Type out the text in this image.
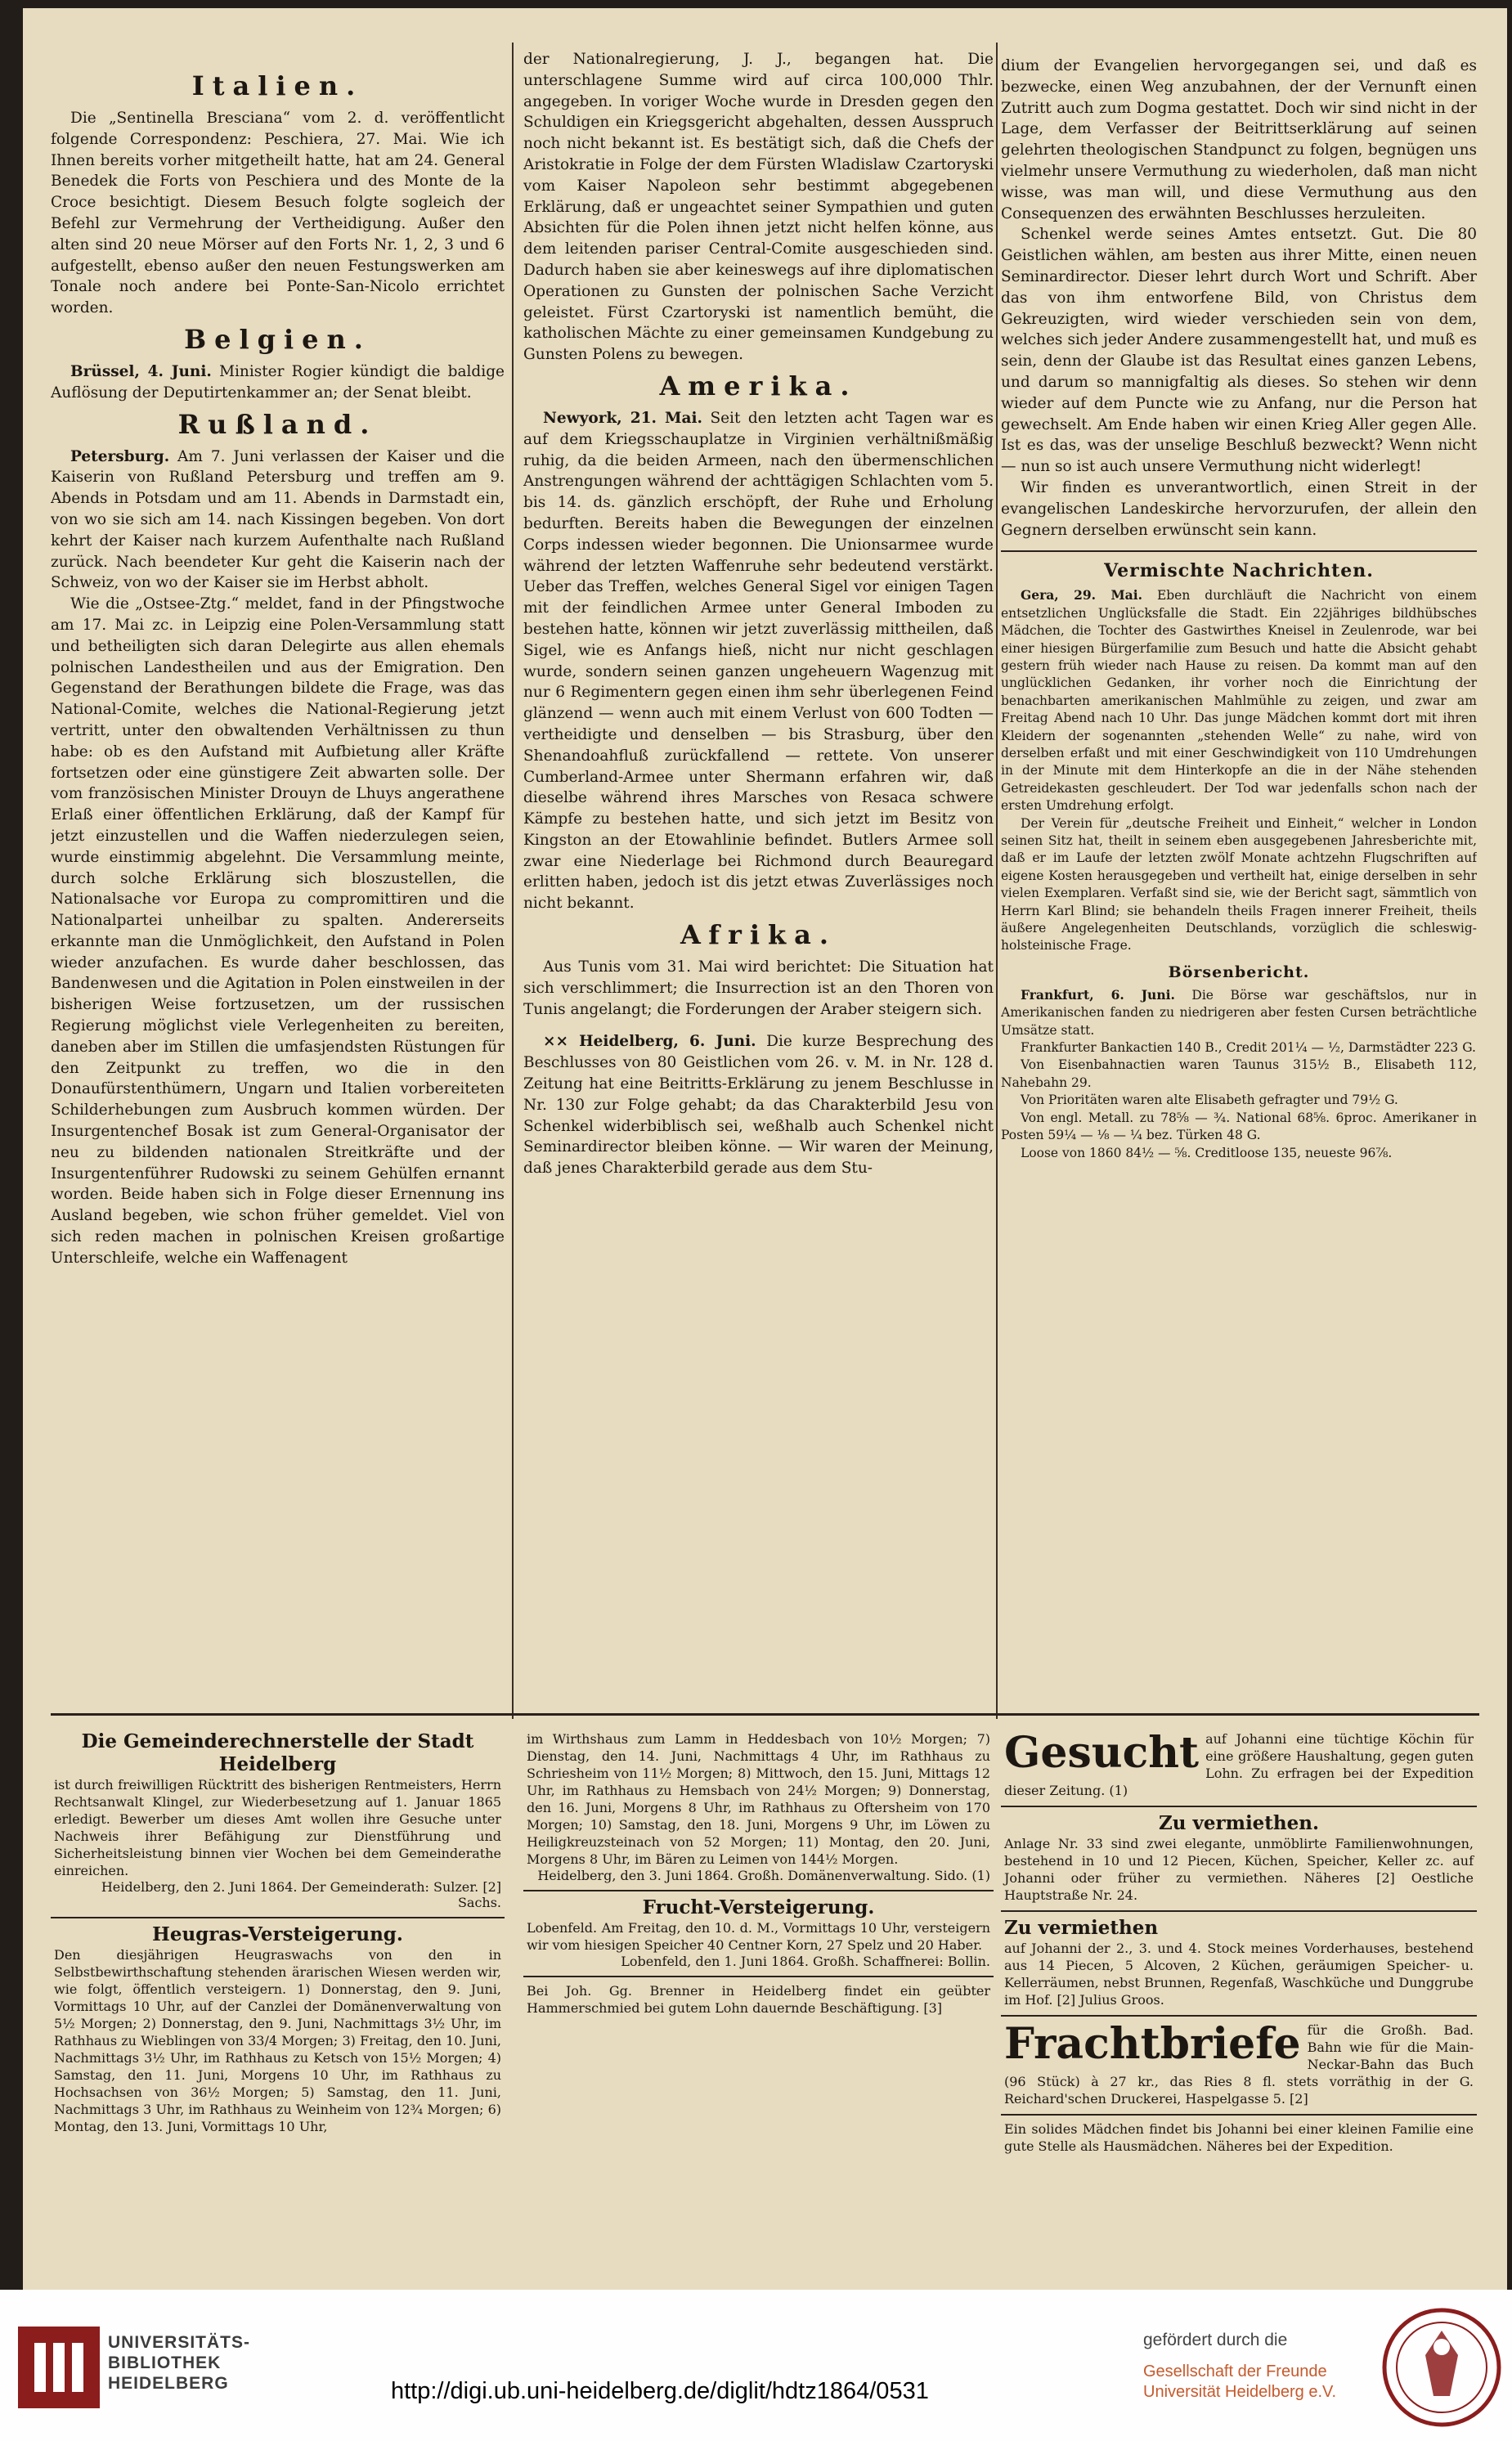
Italien.

Die „Sentinella Bresciana“ vom 2. d. veröffentlicht folgende Correspondenz: Peschiera, 27. Mai. Wie ich Ihnen bereits vorher mitgetheilt hatte, hat am 24. General Benedek die Forts von Peschiera und des Monte de la Croce besichtigt. Diesem Besuch folgte sogleich der Befehl zur Vermehrung der Vertheidigung. Außer den alten sind 20 neue Mörser auf den Forts Nr. 1, 2, 3 und 6 aufgestellt, ebenso außer den neuen Festungswerken am Tonale noch andere bei Ponte-San-Nicolo errichtet worden.

Belgien.

Brüssel, 4. Juni. Minister Rogier kündigt die baldige Auflösung der Deputirtenkammer an; der Senat bleibt.

Rußland.

Petersburg. Am 7. Juni verlassen der Kaiser und die Kaiserin von Rußland Petersburg und treffen am 9. Abends in Potsdam und am 11. Abends in Darmstadt ein, von wo sie sich am 14. nach Kissingen begeben. Von dort kehrt der Kaiser nach kurzem Aufenthalte nach Rußland zurück. Nach beendeter Kur geht die Kaiserin nach der Schweiz, von wo der Kaiser sie im Herbst abholt.

Wie die „Ostsee-Ztg.“ meldet, fand in der Pfingstwoche am 17. Mai zc. in Leipzig eine Polen-Versammlung statt und betheiligten sich daran Delegirte aus allen ehemals polnischen Landestheilen und aus der Emigration. Den Gegenstand der Berathungen bildete die Frage, was das National-Comite, welches die National-Regierung jetzt vertritt, unter den obwaltenden Verhältnissen zu thun habe: ob es den Aufstand mit Aufbietung aller Kräfte fortsetzen oder eine günstigere Zeit abwarten solle. Der vom französischen Minister Drouyn de Lhuys angerathene Erlaß einer öffentlichen Erklärung, daß der Kampf für jetzt einzustellen und die Waffen niederzulegen seien, wurde einstimmig abgelehnt. Die Versammlung meinte, durch solche Erklärung sich bloszustellen, die Nationalsache vor Europa zu compromittiren und die Nationalpartei unheilbar zu spalten. Andererseits erkannte man die Unmöglichkeit, den Aufstand in Polen wieder anzufachen. Es wurde daher beschlossen, das Bandenwesen und die Agitation in Polen einstweilen in der bisherigen Weise fortzusetzen, um der russischen Regierung möglichst viele Verlegenheiten zu bereiten, daneben aber im Stillen die umfasjendsten Rüstungen für den Zeitpunkt zu treffen, wo die in den Donaufürstenthümern, Ungarn und Italien vorbereiteten Schilderhebungen zum Ausbruch kommen würden. Der Insurgentenchef Bosak ist zum General-Organisator der neu zu bildenden nationalen Streitkräfte und der Insurgentenführer Rudowski zu seinem Gehülfen ernannt worden. Beide haben sich in Folge dieser Ernennung ins Ausland begeben, wie schon früher gemeldet. Viel von sich reden machen in polnischen Kreisen großartige Unterschleife, welche ein Waffenagent

der Nationalregierung, J. J., begangen hat. Die unterschlagene Summe wird auf circa 100,000 Thlr. angegeben. In voriger Woche wurde in Dresden gegen den Schuldigen ein Kriegsgericht abgehalten, dessen Ausspruch noch nicht bekannt ist. Es bestätigt sich, daß die Chefs der Aristokratie in Folge der dem Fürsten Wladislaw Czartoryski vom Kaiser Napoleon sehr bestimmt abgegebenen Erklärung, daß er ungeachtet seiner Sympathien und guten Absichten für die Polen ihnen jetzt nicht helfen könne, aus dem leitenden pariser Central-Comite ausgeschieden sind. Dadurch haben sie aber keineswegs auf ihre diplomatischen Operationen zu Gunsten der polnischen Sache Verzicht geleistet. Fürst Czartoryski ist namentlich bemüht, die katholischen Mächte zu einer gemeinsamen Kundgebung zu Gunsten Polens zu bewegen.

Amerika.

Newyork, 21. Mai. Seit den letzten acht Tagen war es auf dem Kriegsschauplatze in Virginien verhältnißmäßig ruhig, da die beiden Armeen, nach den übermenschlichen Anstrengungen während der achttägigen Schlachten vom 5. bis 14. ds. gänzlich erschöpft, der Ruhe und Erholung bedurften. Bereits haben die Bewegungen der einzelnen Corps indessen wieder begonnen. Die Unionsarmee wurde während der letzten Waffenruhe sehr bedeutend verstärkt. Ueber das Treffen, welches General Sigel vor einigen Tagen mit der feindlichen Armee unter General Imboden zu bestehen hatte, können wir jetzt zuverlässig mittheilen, daß Sigel, wie es Anfangs hieß, nicht nur nicht geschlagen wurde, sondern seinen ganzen ungeheuern Wagenzug mit nur 6 Regimentern gegen einen ihm sehr überlegenen Feind glänzend — wenn auch mit einem Verlust von 600 Todten — vertheidigte und denselben — bis Strasburg, über den Shenandoahfluß zurückfallend — rettete. Von unserer Cumberland-Armee unter Shermann erfahren wir, daß dieselbe während ihres Marsches von Resaca schwere Kämpfe zu bestehen hatte, und sich jetzt im Besitz von Kingston an der Etowahlinie befindet. Butlers Armee soll zwar eine Niederlage bei Richmond durch Beauregard erlitten haben, jedoch ist dis jetzt etwas Zuverlässiges noch nicht bekannt.

Afrika.

Aus Tunis vom 31. Mai wird berichtet: Die Situation hat sich verschlimmert; die Insurrection ist an den Thoren von Tunis angelangt; die Forderungen der Araber steigern sich.

×× Heidelberg, 6. Juni. Die kurze Besprechung des Beschlusses von 80 Geistlichen vom 26. v. M. in Nr. 128 d. Zeitung hat eine Beitritts-Erklärung zu jenem Beschlusse in Nr. 130 zur Folge gehabt; da das Charakterbild Jesu von Schenkel widerbiblisch sei, weßhalb auch Schenkel nicht Seminardirector bleiben könne. — Wir waren der Meinung, daß jenes Charakterbild gerade aus dem Stu-

dium der Evangelien hervorgegangen sei, und daß es bezwecke, einen Weg anzubahnen, der der Vernunft einen Zutritt auch zum Dogma gestattet. Doch wir sind nicht in der Lage, dem Verfasser der Beitrittserklärung auf seinen gelehrten theologischen Standpunct zu folgen, begnügen uns vielmehr unsere Vermuthung zu wiederholen, daß man nicht wisse, was man will, und diese Vermuthung aus den Consequenzen des erwähnten Beschlusses herzuleiten.

Schenkel werde seines Amtes entsetzt. Gut. Die 80 Geistlichen wählen, am besten aus ihrer Mitte, einen neuen Seminardirector. Dieser lehrt durch Wort und Schrift. Aber das von ihm entworfene Bild, von Christus dem Gekreuzigten, wird wieder verschieden sein von dem, welches sich jeder Andere zusammengestellt hat, und muß es sein, denn der Glaube ist das Resultat eines ganzen Lebens, und darum so mannigfaltig als dieses. So stehen wir denn wieder auf dem Puncte wie zu Anfang, nur die Person hat gewechselt. Am Ende haben wir einen Krieg Aller gegen Alle. Ist es das, was der unselige Beschluß bezweckt? Wenn nicht — nun so ist auch unsere Vermuthung nicht widerlegt!

Wir finden es unverantwortlich, einen Streit in der evangelischen Landeskirche hervorzurufen, der allein den Gegnern derselben erwünscht sein kann.

Vermischte Nachrichten.

Gera, 29. Mai. Eben durchläuft die Nachricht von einem entsetzlichen Unglücksfalle die Stadt. Ein 22jähriges bildhübsches Mädchen, die Tochter des Gastwirthes Kneisel in Zeulenrode, war bei einer hiesigen Bürgerfamilie zum Besuch und hatte die Absicht gehabt gestern früh wieder nach Hause zu reisen. Da kommt man auf den unglücklichen Gedanken, ihr vorher noch die Einrichtung der benachbarten amerikanischen Mahlmühle zu zeigen, und zwar am Freitag Abend nach 10 Uhr. Das junge Mädchen kommt dort mit ihren Kleidern der sogenannten „stehenden Welle“ zu nahe, wird von derselben erfaßt und mit einer Geschwindigkeit von 110 Umdrehungen in der Minute mit dem Hinterkopfe an die in der Nähe stehenden Getreidekasten geschleudert. Der Tod war jedenfalls schon nach der ersten Umdrehung erfolgt.

Der Verein für „deutsche Freiheit und Einheit,“ welcher in London seinen Sitz hat, theilt in seinem eben ausgegebenen Jahresberichte mit, daß er im Laufe der letzten zwölf Monate achtzehn Flugschriften auf eigene Kosten herausgegeben und vertheilt hat, einige derselben in sehr vielen Exemplaren. Verfaßt sind sie, wie der Bericht sagt, sämmtlich von Herrn Karl Blind; sie behandeln theils Fragen innerer Freiheit, theils äußere Angelegenheiten Deutschlands, vorzüglich die schleswig-holsteinische Frage.

Börsenbericht.

Frankfurt, 6. Juni. Die Börse war geschäftslos, nur in Amerikanischen fanden zu niedrigeren aber festen Cursen beträchtliche Umsätze statt.

Frankfurter Bankactien 140 B., Credit 201¼ — ½, Darmstädter 223 G.

Von Eisenbahnactien waren Taunus 315½ B., Elisabeth 112, Nahebahn 29.

Von Prioritäten waren alte Elisabeth gefragter und 79½ G.

Von engl. Metall. zu 78⅝ — ¾. National 68⅝. 6proc. Amerikaner in Posten 59¼ — ⅛ — ¼ bez. Türken 48 G.

Loose von 1860 84½ — ⅝. Creditloose 135, neueste 96⅞.

Die Gemeinderechnerstelle der Stadt Heidelberg
ist durch freiwilligen Rücktritt des bisherigen Rentmeisters, Herrn Rechtsanwalt Klingel, zur Wiederbesetzung auf 1. Januar 1865 erledigt. Bewerber um dieses Amt wollen ihre Gesuche unter Nachweis ihrer Befähigung zur Dienstführung und Sicherheitsleistung binnen vier Wochen bei dem Gemeinderathe einreichen.
Heidelberg, den 2. Juni 1864. Der Gemeinderath: Sulzer. [2] Sachs.
Heugras-Versteigerung.
Den diesjährigen Heugraswachs von den in Selbstbewirthschaftung stehenden ärarischen Wiesen werden wir, wie folgt, öffentlich versteigern. 1) Donnerstag, den 9. Juni, Vormittags 10 Uhr, auf der Canzlei der Domänenverwaltung von 5½ Morgen; 2) Donnerstag, den 9. Juni, Nachmittags 3½ Uhr, im Rathhaus zu Wieblingen von 33/4 Morgen; 3) Freitag, den 10. Juni, Nachmittags 3½ Uhr, im Rathhaus zu Ketsch von 15½ Morgen; 4) Samstag, den 11. Juni, Morgens 10 Uhr, im Rathhaus zu Hochsachsen von 36½ Morgen; 5) Samstag, den 11. Juni, Nachmittags 3 Uhr, im Rathhaus zu Weinheim von 12¾ Morgen; 6) Montag, den 13. Juni, Vormittags 10 Uhr,
im Wirthshaus zum Lamm in Heddesbach von 10½ Morgen; 7) Dienstag, den 14. Juni, Nachmittags 4 Uhr, im Rathhaus zu Schriesheim von 11½ Morgen; 8) Mittwoch, den 15. Juni, Mittags 12 Uhr, im Rathhaus zu Hemsbach von 24½ Morgen; 9) Donnerstag, den 16. Juni, Morgens 8 Uhr, im Rathhaus zu Oftersheim von 170 Morgen; 10) Samstag, den 18. Juni, Morgens 9 Uhr, im Löwen zu Heiligkreuzsteinach von 52 Morgen; 11) Montag, den 20. Juni, Morgens 8 Uhr, im Bären zu Leimen von 144½ Morgen.
Heidelberg, den 3. Juni 1864. Großh. Domänenverwaltung. Sido. (1)
Frucht-Versteigerung.
Lobenfeld. Am Freitag, den 10. d. M., Vormittags 10 Uhr, versteigern wir vom hiesigen Speicher 40 Centner Korn, 27 Spelz und 20 Haber.
Lobenfeld, den 1. Juni 1864. Großh. Schaffnerei: Bollin.
Bei Joh. Gg. Brenner in Heidelberg findet ein geübter Hammerschmied bei gutem Lohn dauernde Beschäftigung. [3]
Gesucht auf Johanni eine tüchtige Köchin für eine größere Haushaltung, gegen guten Lohn. Zu erfragen bei der Expedition dieser Zeitung. (1)
Zu vermiethen.
Anlage Nr. 33 sind zwei elegante, unmöblirte Familienwohnungen, bestehend in 10 und 12 Piecen, Küchen, Speicher, Keller zc. auf Johanni oder früher zu vermiethen. Näheres [2] Oestliche Hauptstraße Nr. 24.
Zu vermiethen
auf Johanni der 2., 3. und 4. Stock meines Vorderhauses, bestehend aus 14 Piecen, 5 Alcoven, 2 Küchen, geräumigen Speicher- u. Kellerräumen, nebst Brunnen, Regenfaß, Waschküche und Dunggrube im Hof. [2] Julius Groos.
Frachtbriefe für die Großh. Bad. Bahn wie für die Main-Neckar-Bahn das Buch (96 Stück) à 27 kr., das Ries 8 fl. stets vorräthig in der G. Reichard'schen Druckerei, Haspelgasse 5. [2]
Ein solides Mädchen findet bis Johanni bei einer kleinen Familie eine gute Stelle als Hausmädchen. Näheres bei der Expedition.
UNIVERSITÄTS-
BIBLIOTHEK
HEIDELBERG	http://digi.ub.uni-heidelberg.de/diglit/hdtz1864/0531
gefördert durch die
Gesellschaft der Freunde
Universität Heidelberg e.V.
